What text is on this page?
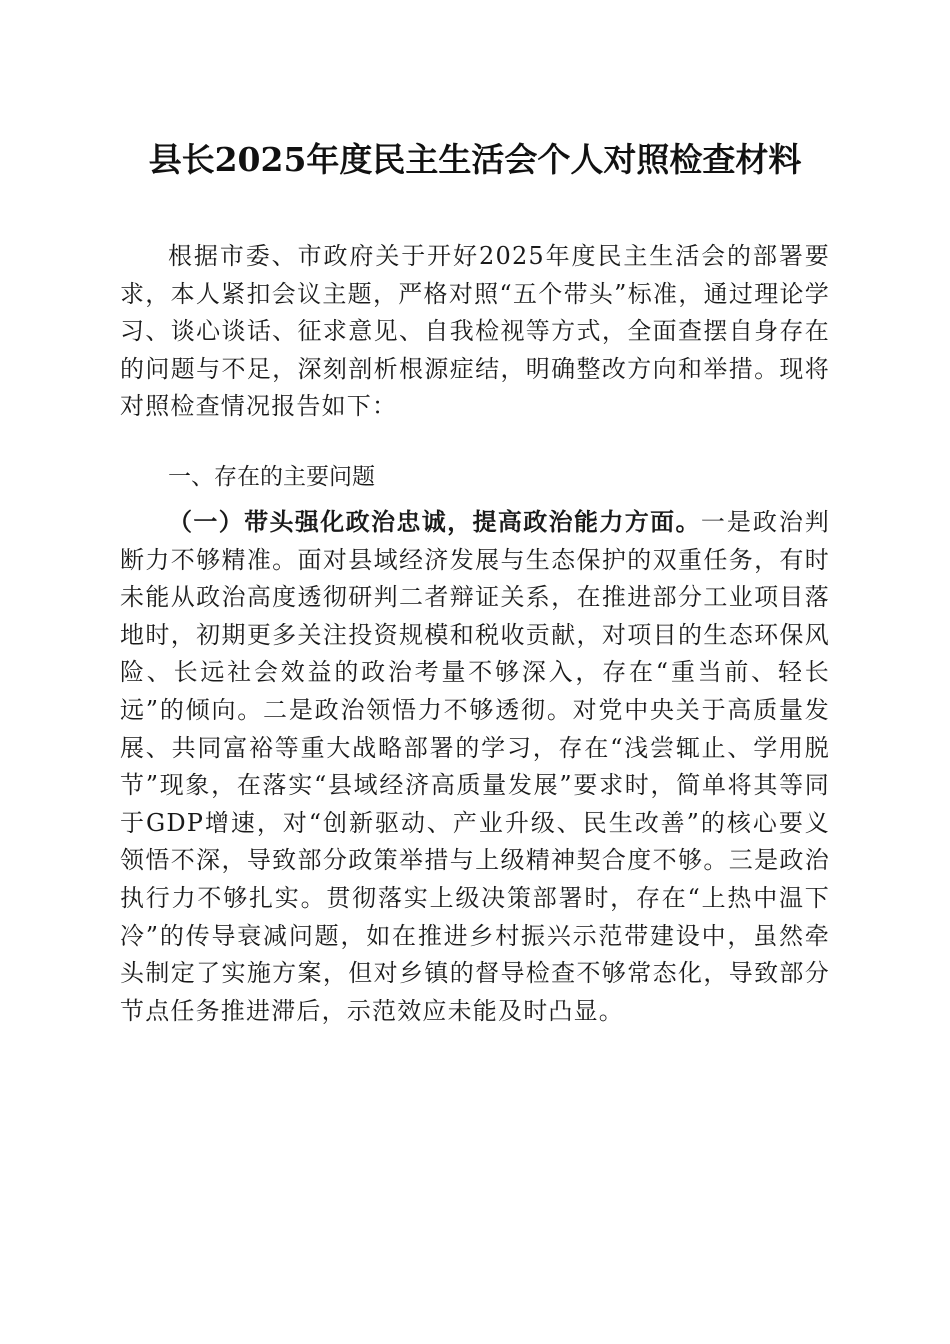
县长2025年度民主生活会个人对照检查材料

根据市委、市政府关于开好2025年度民主生活会的部署要求，本人紧扣会议主题，严格对照“五个带头”标准，通过理论学习、谈心谈话、征求意见、自我检视等方式，全面查摆自身存在的问题与不足，深刻剖析根源症结，明确整改方向和举措。现将对照检查情况报告如下：

一、存在的主要问题

（一）带头强化政治忠诚，提高政治能力方面。一是政治判断力不够精准。面对县域经济发展与生态保护的双重任务，有时未能从政治高度透彻研判二者辩证关系，在推进部分工业项目落地时，初期更多关注投资规模和税收贡献，对项目的生态环保风险、长远社会效益的政治考量不够深入，存在“重当前、轻长远”的倾向。二是政治领悟力不够透彻。对党中央关于高质量发展、共同富裕等重大战略部署的学习，存在“浅尝辄止、学用脱节”现象，在落实“县域经济高质量发展”要求时，简单将其等同于GDP增速，对“创新驱动、产业升级、民生改善”的核心要义领悟不深，导致部分政策举措与上级精神契合度不够。三是政治执行力不够扎实。贯彻落实上级决策部署时，存在“上热中温下冷”的传导衰减问题，如在推进乡村振兴示范带建设中，虽然牵头制定了实施方案，但对乡镇的督导检查不够常态化，导致部分节点任务推进滞后，示范效应未能及时凸显。
